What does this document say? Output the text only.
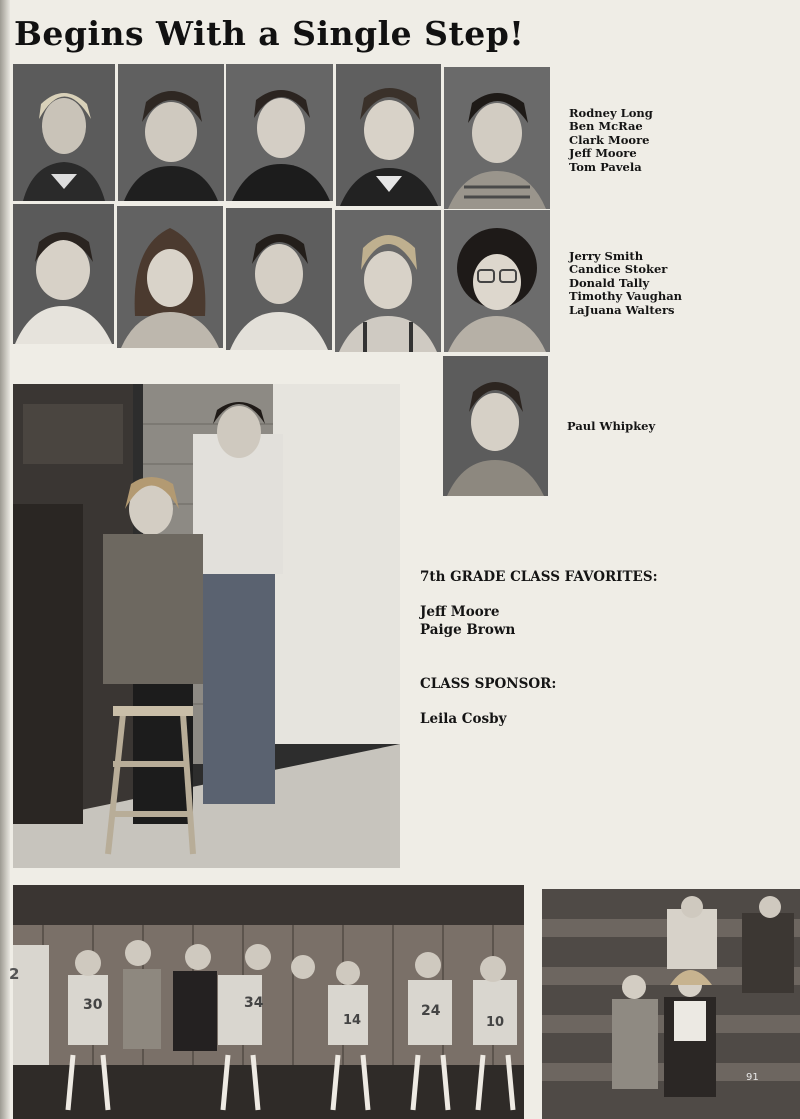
Begins With a Single Step!
Rodney Long
Ben McRae
Clark Moore
Jeff Moore
Tom Pavela
Jerry Smith
Candice Stoker
Donald Tally
Timothy Vaughan
LaJuana Walters
Paul Whipkey
7th GRADE CLASS FAVORITES:
Jeff Moore
Paige Brown
CLASS SPONSOR:
Leila Cosby
2
30	34	24
10
14
91
